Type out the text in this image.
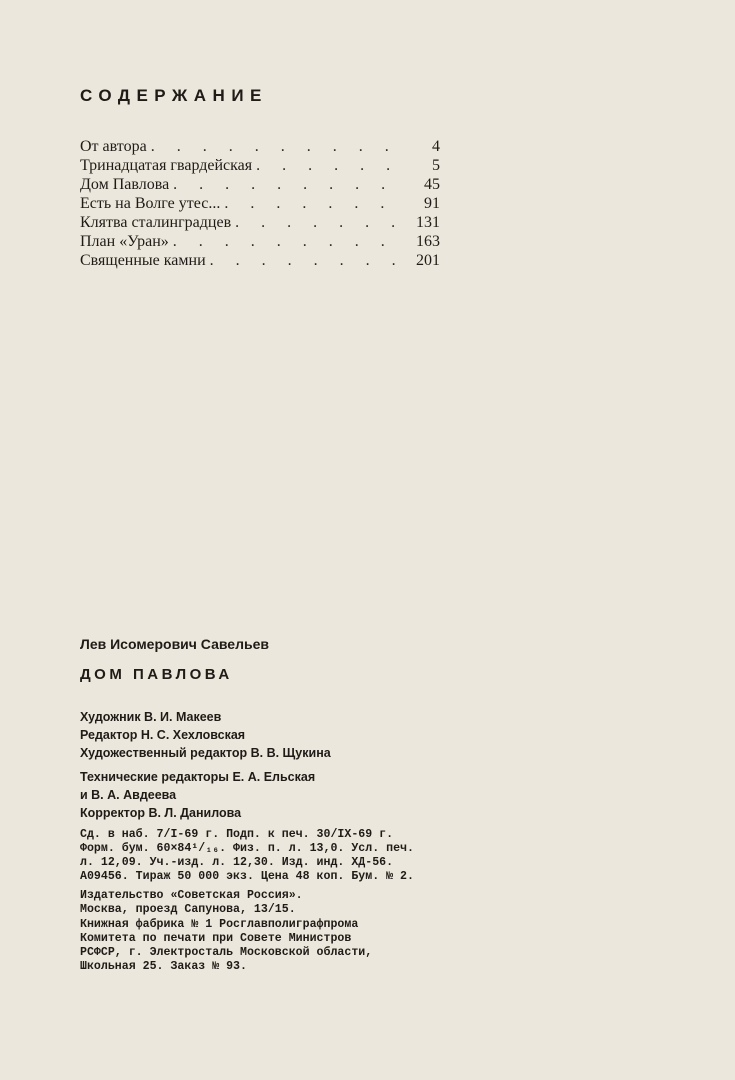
СОДЕРЖАНИЕ
От автора . . .	4
Тринадцатая гвардейская . . .	5
Дом Павлова . . .	45
Есть на Волге утес... . . .	91
Клятва сталинградцев . . .	131
План «Уран» . . .	163
Священные камни . . .	201
Лев Исомерович Савельев
ДОМ ПАВЛОВА
Художник В. И. Макеев
Редактор Н. С. Хехловская
Художественный редактор В. В. Щукина
Технические редакторы Е. А. Ельская
и В. А. Авдеева
Корректор В. Л. Данилова
Сд. в наб. 7/I-69 г. Подп. к печ. 30/IX-69 г.
Форм. бум. 60×84¹/₁₆. Физ. п. л. 13,0. Усл. печ.
л. 12,09. Уч.-изд. л. 12,30. Изд. инд. ХД-56.
А09456. Тираж 50 000 экз. Цена 48 коп. Бум. № 2.
Издательство «Советская Россия».
Москва, проезд Сапунова, 13/15.
Книжная фабрика № 1 Росглавполиграфпрома
Комитета по печати при Совете Министров
РСФСР, г. Электросталь Московской области,
Школьная 25. Заказ № 93.
